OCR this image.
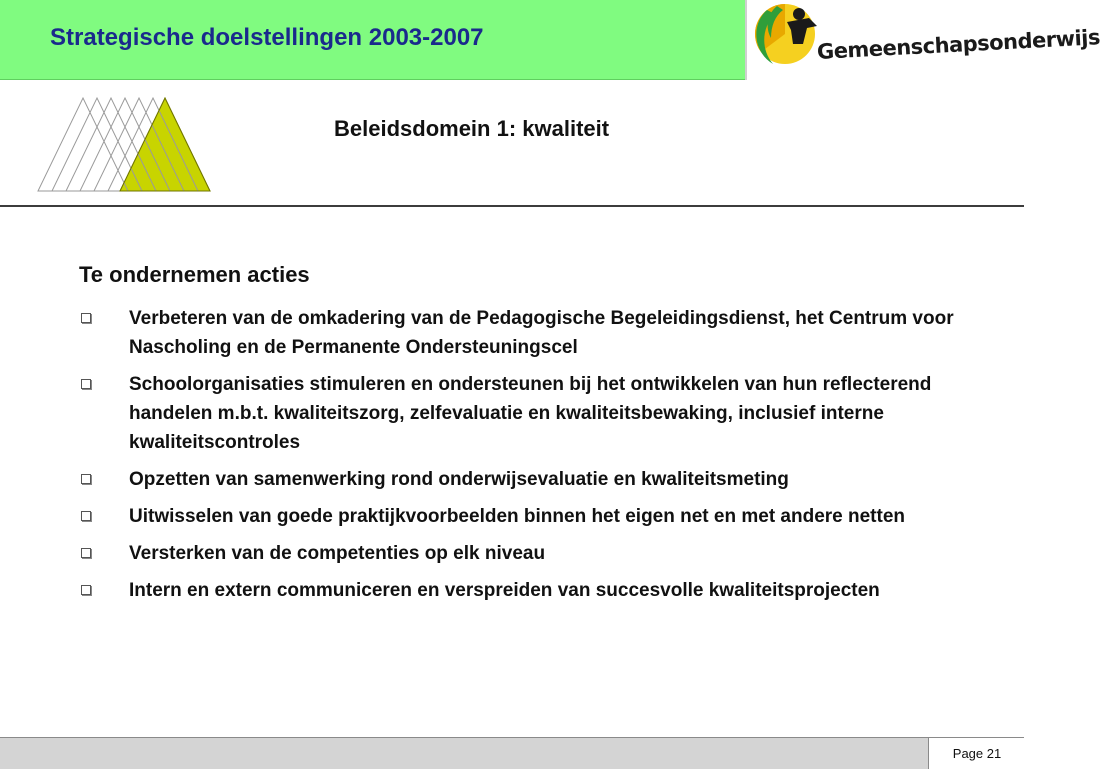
Strategische doelstellingen 2003-2007	Gemeenschapsonderwijs
Beleidsdomein 1: kwaliteit
Te ondernemen acties
Verbeteren van de omkadering van de Pedagogische Begeleidingsdienst, het Centrum voor Nascholing en de Permanente Ondersteuningscel
Schoolorganisaties stimuleren en ondersteunen bij het ontwikkelen van hun reflecterend handelen m.b.t. kwaliteitszorg, zelfevaluatie en kwaliteitsbewaking, inclusief interne kwaliteitscontroles
Opzetten van samenwerking rond onderwijsevaluatie en kwaliteitsmeting
Uitwisselen van goede praktijkvoorbeelden binnen het eigen net en met andere netten
Versterken van de competenties op elk niveau
Intern en extern communiceren en verspreiden van succesvolle kwaliteitsprojecten
Page 21
